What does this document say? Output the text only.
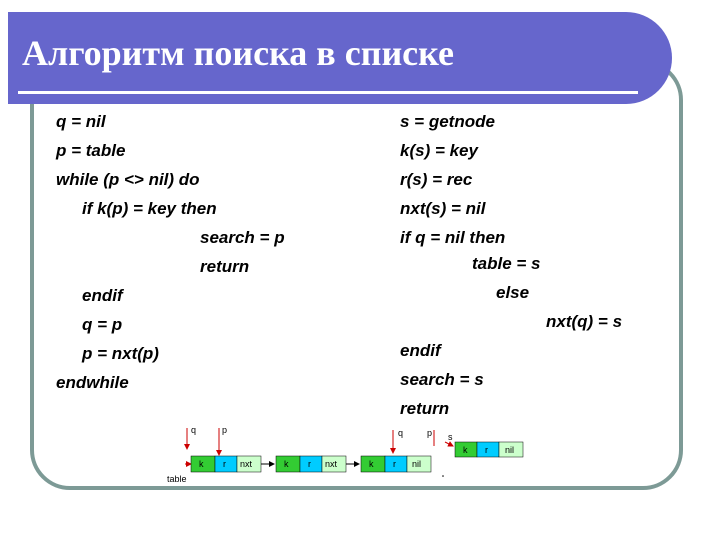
Алгоритм поиска в списке
q = nil
p = table
while (p <> nil) do
if k(p) = key then
search = p
return
endif
q = p
p = nxt(p)
endwhile
s = getnode
k(s) = key
r(s) = rec
nxt(s) = nil
if q = nil then
table = s
else
nxt(q) = s
endif
search = s
return
q	p
table
k r nxt	k r nxt	k r nil
q	p s
k r nil
